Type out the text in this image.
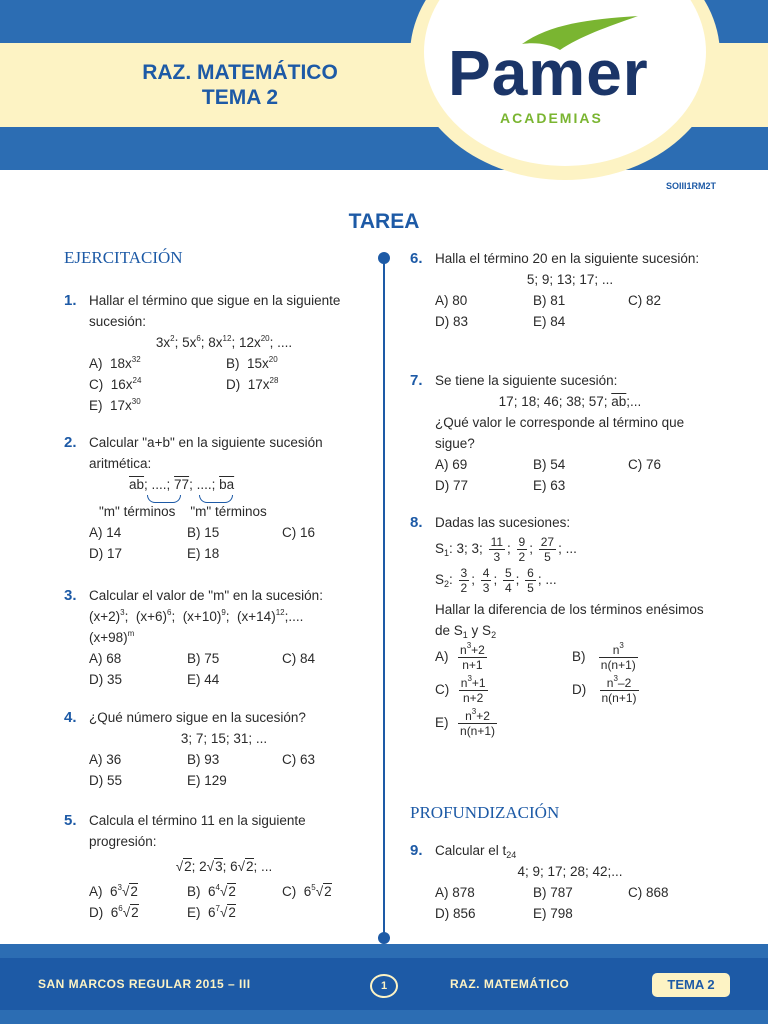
RAZ. MATEMÁTICO
TEMA 2	Pamer
ACADEMIAS
SOIII1RM2T
TAREA
EJERCITACIÓN
1. Hallar el término que sigue en la siguiente sucesión:
$3x^2$; $5x^6$; $8x^{12}$; $12x^{20}$; ....
A)  $18x^{32}$	B)  $15x^{20}$
C)  $16x^{24}$	D)  $17x^{28}$
E)  $17x^{30}$
2. Calcular "a+b" en la siguiente sucesión aritmética:
$\overline{ab}$; ....; 77; ....; $\overline{ba}$
"m" términos "m" términos
A) 14	B) 15	C) 16
D) 17	E) 18
3. Calcular el valor de "m" en la sucesión:
$(x+2)^3$;  $(x+6)^6$;  $(x+10)^9$;  $(x+14)^{12}$;....
$(x+98)^m$
A) 68	B) 75	C) 84
D) 35	E) 44
4. ¿Qué número sigue en la sucesión?
3; 7; 15; 31; ...
A) 36	B) 93	C) 63
D) 55	E) 129
5. Calcula el término 11 en la siguiente progresión:
√2; 2√3; 6√2; ...
A)  $6^3√2$	B)  $6^4√2$	C)  $6^5√2$
D)  $6^6√2$	E)  $6^7√2$
6. Halla el término 20 en la siguiente sucesión:
5; 9; 13; 17; ...
A) 80	B) 81	C) 82
D) 83	E) 84
7. Se tiene la siguiente sucesión:
17; 18; 46; 38; 57; $\overline{ab}$;...
¿Qué valor le corresponde al término que sigue?
A) 69	B) 54	C) 76
D) 77	E) 63
8. Dadas las sucesiones:
$S_1$: 3; 3; $\frac{11}{3}$ ; $\frac{9}{2}$ ; $\frac{27}{5}$ ; ...
$S_2$: $\frac{3}{2}$ ; $\frac{4}{3}$ ; $\frac{5}{4}$ ; $\frac{6}{5}$ ; ...
Hallar la diferencia de los términos enésimos de $S_1$ y $S_2$
$A) \frac{n^3+2}{n+1}$	$B) \frac{n^3}{n(n+1)}$
$C) \frac{n^3+1}{n+2}$	$D) \frac{n^3-2}{n(n+1)}$
$E) \frac{n^3+2}{n(n+1)}$
PROFUNDIZACIÓN
9. Calcular el $t_{24}$
4; 9; 17; 28; 42;...
A) 878	B) 787	C) 868
D) 856	E) 798
SAN MARCOS REGULAR 2015 – III	1	RAZ. MATEMÁTICO	TEMA 2
